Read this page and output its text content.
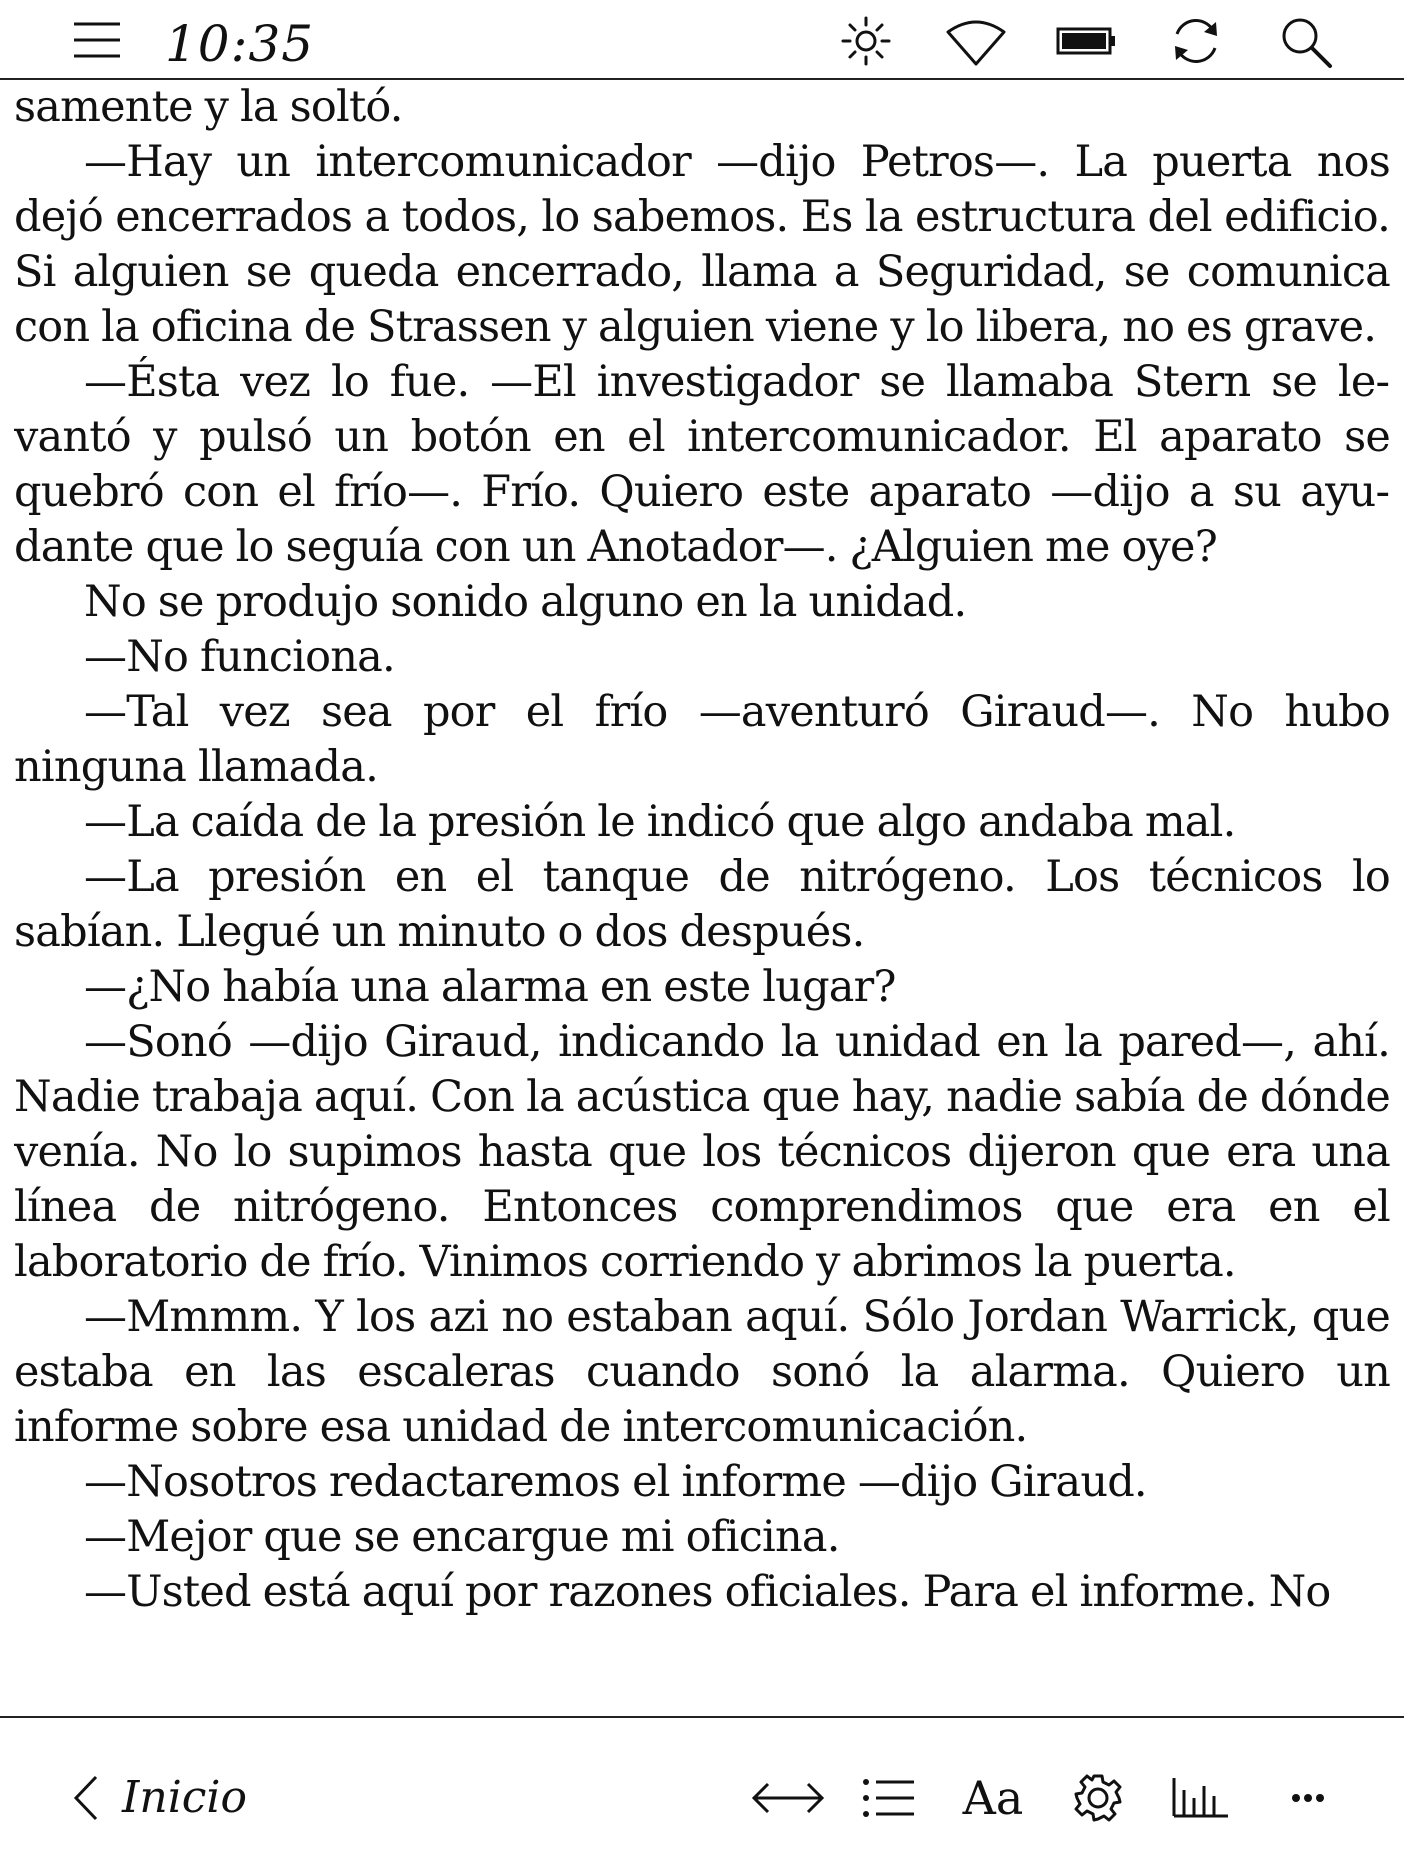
10:35

samente y la soltó.

—Hay un intercomunicador —dijo Petros—. La puerta nos dejó encerrados a todos, lo sabemos. Es la estructura del edificio. Si alguien se queda encerrado, llama a Seguridad, se comunica con la oficina de Strassen y alguien viene y lo libera, no es grave.

—Ésta vez lo fue. —El investigador se llamaba Stern se levantó y pulsó un botón en el intercomunicador. El aparato se quebró con el frío—. Frío. Quiero este aparato —dijo a su ayudante que lo seguía con un Anotador—. ¿Alguien me oye?

No se produjo sonido alguno en la unidad.

—No funciona.

—Tal vez sea por el frío —aventuró Giraud—. No hubo ninguna llamada.

—La caída de la presión le indicó que algo andaba mal.

—La presión en el tanque de nitrógeno. Los técnicos lo sabían. Llegué un minuto o dos después.

—¿No había una alarma en este lugar?

—Sonó —dijo Giraud, indicando la unidad en la pared—, ahí. Nadie trabaja aquí. Con la acústica que hay, nadie sabía de dónde venía. No lo supimos hasta que los técnicos dijeron que era una línea de nitrógeno. Entonces comprendimos que era en el laboratorio de frío. Vinimos corriendo y abrimos la puerta.

—Mmmm. Y los azi no estaban aquí. Sólo Jordan Warrick, que estaba en las escaleras cuando sonó la alarma. Quiero un informe sobre esa unidad de intercomunicación.

—Nosotros redactaremos el informe —dijo Giraud.

—Mejor que se encargue mi oficina.

—Usted está aquí por razones oficiales. Para el informe. No

Inicio	Aa
